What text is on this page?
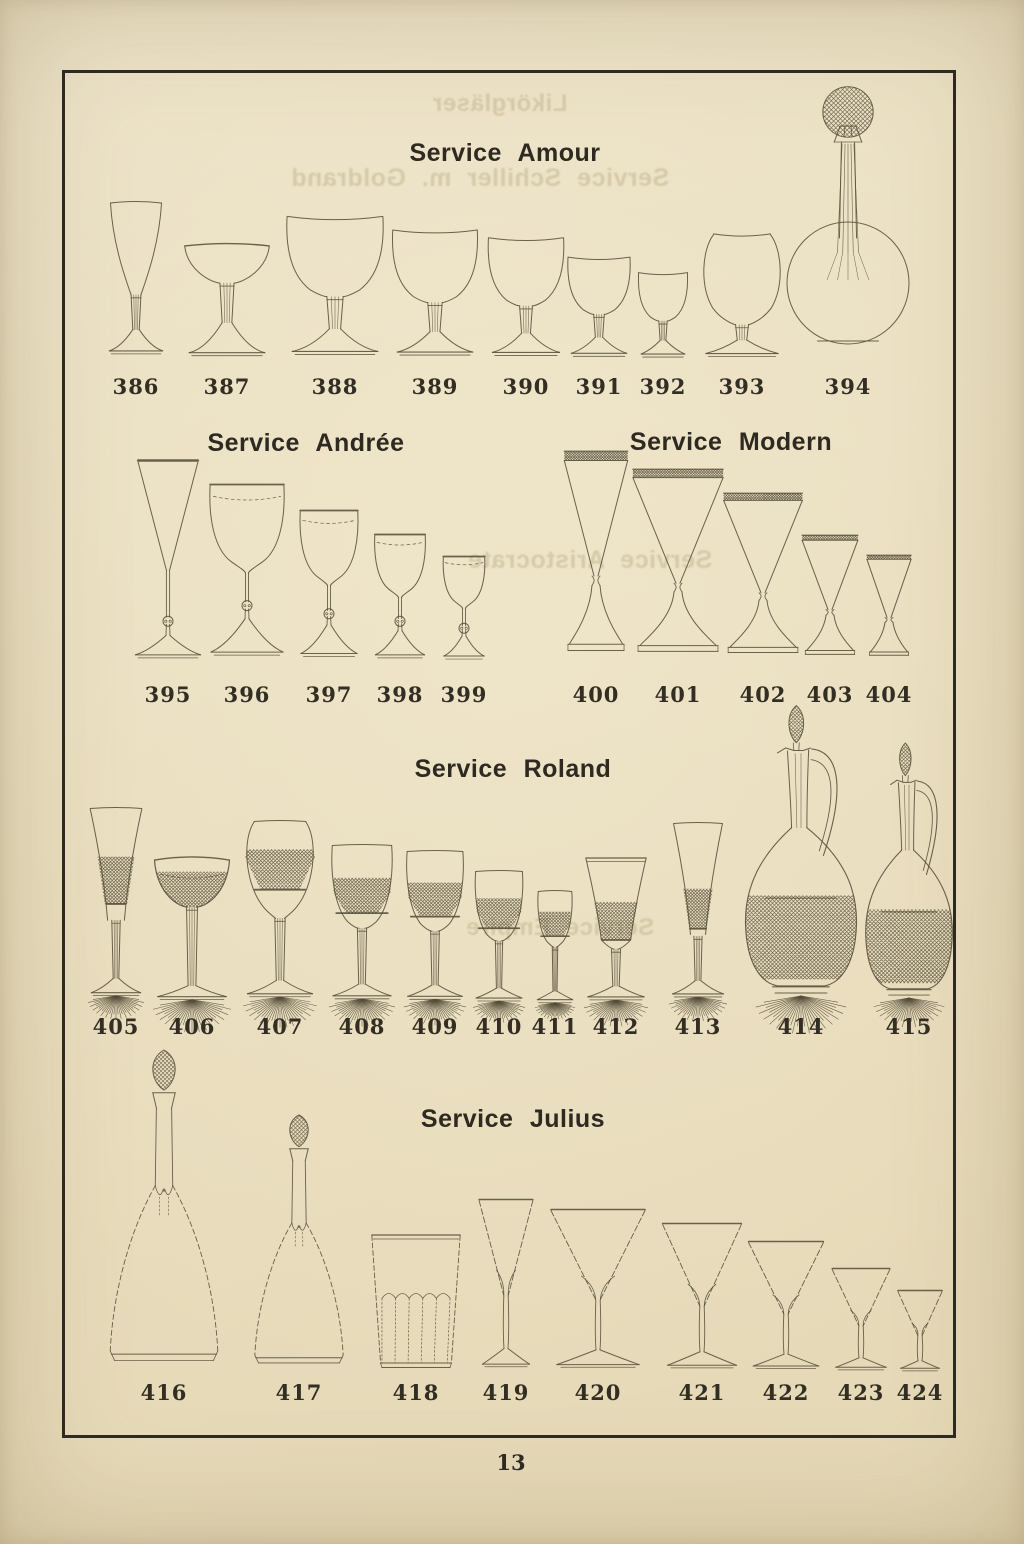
Likörgläser
Service Schiller m. Goldrand
Service Aristocrate
Service Empire
Service Amour
Service Andrée	Service Modern
Service Roland
Service Julius
386	387	388	389	390	391 392	393	394
395	396	397	398 399	400	401	402 403 404
405	406	407	408	409 410 411 412	413	414	415
416	417	418	419	420	421	422	423 424
13
